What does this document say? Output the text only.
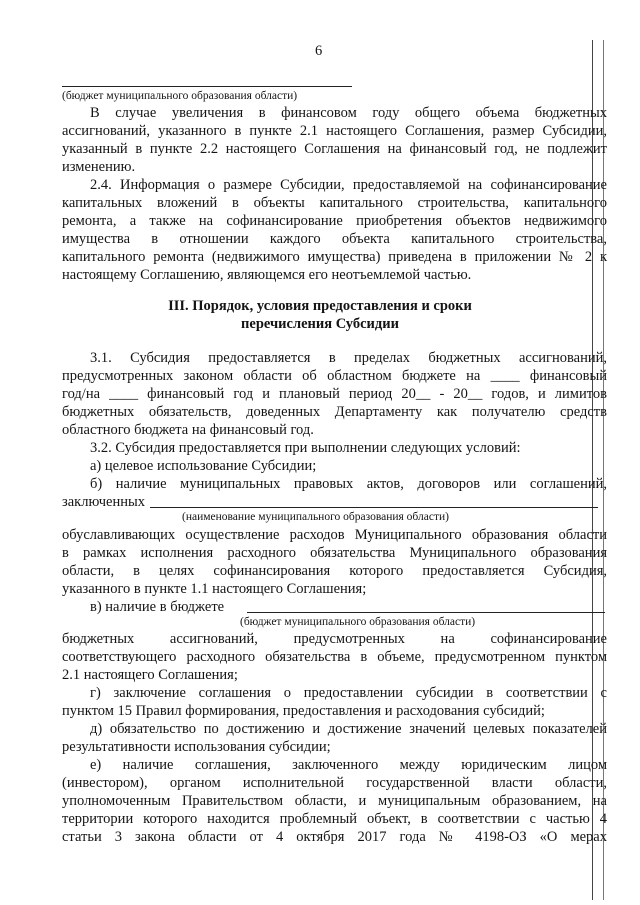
6
(бюджет муниципального образования области)
В случае увеличения в финансовом году общего объема бюджетных
ассигнований, указанного в пункте 2.1 настоящего Соглашения, размер Субсидии,
указанный в пункте 2.2 настоящего Соглашения на финансовый год, не подлежит
изменению.
2.4. Информация о размере Субсидии, предоставляемой на софинансирование
капитальных вложений в объекты капитального строительства, капитального
ремонта, а также на софинансирование приобретения объектов недвижимого
имущества в отношении каждого объекта капитального строительства,
капитального ремонта (недвижимого имущества) приведена в приложении № 2 к
настоящему Соглашению, являющемся его неотъемлемой частью.
III. Порядок, условия предоставления и сроки
перечисления Субсидии
3.1. Субсидия предоставляется в пределах бюджетных ассигнований,
предусмотренных законом области об областном бюджете на ____ финансовый
год/на ____ финансовый год и плановый период 20__ - 20__ годов, и лимитов
бюджетных обязательств, доведенных Департаменту как получателю средств
областного бюджета на финансовый год.
3.2. Субсидия предоставляется при выполнении следующих условий:
а) целевое использование Субсидии;
б) наличие муниципальных правовых актов, договоров или соглашений,
заключенных
(наименование муниципального образования области)
обуславливающих осуществление расходов Муниципального образования области
в рамках исполнения расходного обязательства Муниципального образования
области, в целях софинансирования которого предоставляется Субсидия,
указанного в пункте 1.1 настоящего Соглашения;
в) наличие в бюджете
(бюджет муниципального образования области)
бюджетных ассигнований, предусмотренных на софинансирование
соответствующего расходного обязательства в объеме, предусмотренном пунктом
2.1 настоящего Соглашения;
г) заключение соглашения о предоставлении субсидии в соответствии с
пунктом 15 Правил формирования, предоставления и расходования субсидий;
д) обязательство по достижению и достижение значений целевых показателей
результативности использования субсидии;
е) наличие соглашения, заключенного между юридическим лицом
(инвестором), органом исполнительной государственной власти области,
уполномоченным Правительством области, и муниципальным образованием, на
территории которого находится проблемный объект, в соответствии с частью 4
статьи 3 закона области от 4 октября 2017 года № 4198-ОЗ «О мерах
